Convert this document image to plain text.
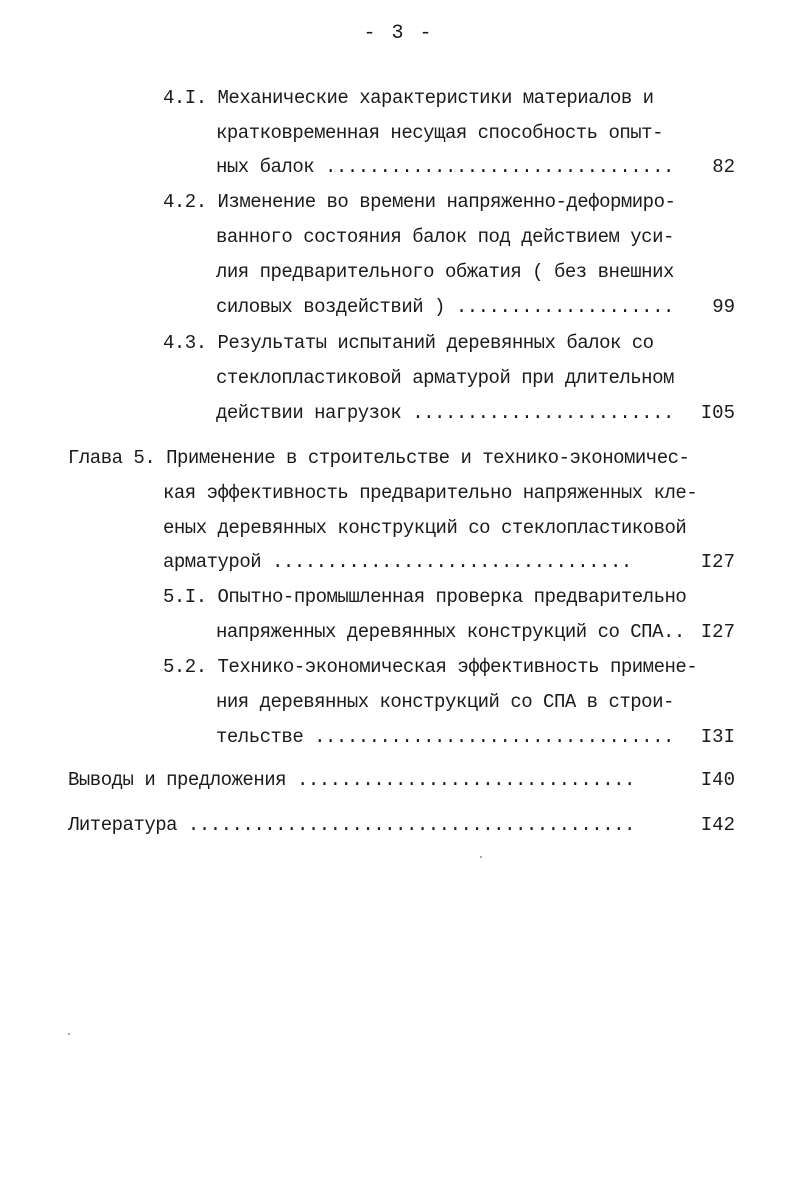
- 3 -
4.I. Механические характеристики материалов и
кратковременная несущая способность опыт-
ных балок ................................	82
4.2. Изменение во времени напряженно-деформиро-
ванного состояния балок под действием уси-
лия предварительного обжатия ( без внешних
силовых воздействий ) ....................	99
4.3. Результаты испытаний деревянных балок со
стеклопластиковой арматурой при длительном
действии нагрузок ........................	I05
Глава 5. Применение в строительстве и технико-экономичес-
кая эффективность предварительно напряженных кле-
еных деревянных конструкций со стеклопластиковой
арматурой .................................	I27
5.I. Опытно-промышленная проверка предварительно
напряженных деревянных конструкций со СПА.. I27
5.2. Технико-экономическая эффективность примене-
ния деревянных конструкций со СПА в строи-
тельстве .................................	I3I
Выводы и предложения ...............................	I40
Литература .........................................	I42
